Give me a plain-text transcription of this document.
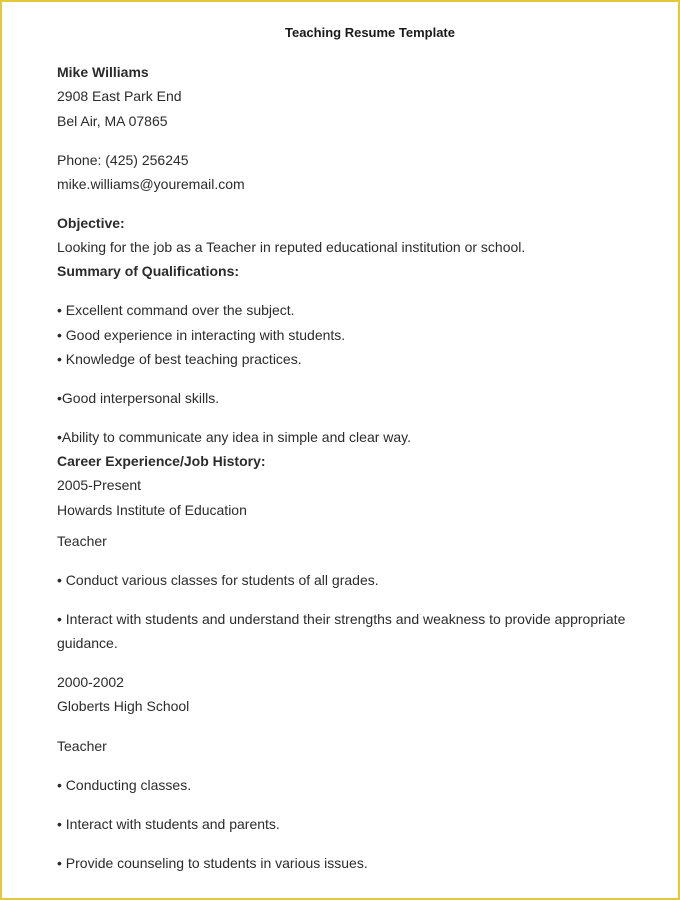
Teaching Resume Template
Mike Williams
2908 East Park End
Bel Air, MA 07865
Phone: (425) 256245
mike.williams@youremail.com
Objective:
Looking for the job as a Teacher in reputed educational institution or school.
Summary of Qualifications:
• Excellent command over the subject.
• Good experience in interacting with students.
• Knowledge of best teaching practices.
•Good interpersonal skills.
•Ability to communicate any idea in simple and clear way.
Career Experience/Job History:
2005-Present
Howards Institute of Education
Teacher
• Conduct various classes for students of all grades.
• Interact with students and understand their strengths and weakness to provide appropriate guidance.
2000-2002
Globerts High School
Teacher
• Conducting classes.
• Interact with students and parents.
• Provide counseling to students in various issues.
